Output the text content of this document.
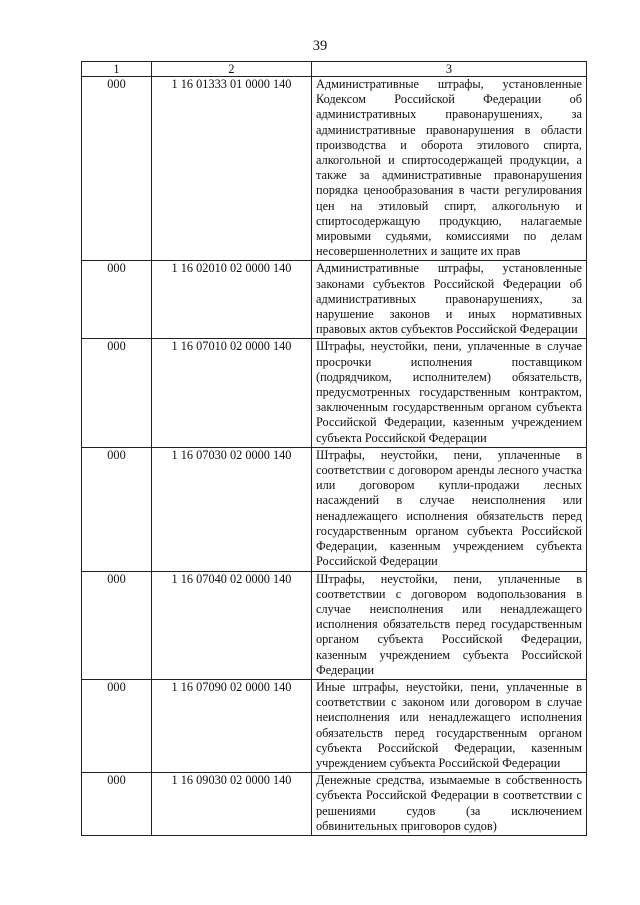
39
1	2	3
000	1 16 01333 01 0000 140	Административные штрафы, установленные Кодексом Российской Федерации об административных правонарушениях, за административные правонарушения в области производства и оборота этилового спирта, алкогольной и спиртосодержащей продукции, а также за административные правонарушения порядка ценообразования в части регулирования цен на этиловый спирт, алкогольную и спиртосодержащую продукцию, налагаемые мировыми судьями, комиссиями по делам несовершеннолетних и защите их прав
000	1 16 02010 02 0000 140	Административные штрафы, установленные законами субъектов Российской Федерации об административных правонарушениях, за нарушение законов и иных нормативных правовых актов субъектов Российской Федерации
000	1 16 07010 02 0000 140	Штрафы, неустойки, пени, уплаченные в случае просрочки исполнения поставщиком (подрядчиком, исполнителем) обязательств, предусмотренных государственным контрактом, заключенным государственным органом субъекта Российской Федерации, казенным учреждением субъекта Российской Федерации
000	1 16 07030 02 0000 140	Штрафы, неустойки, пени, уплаченные в соответствии с договором аренды лесного участка или договором купли-продажи лесных насаждений в случае неисполнения или ненадлежащего исполнения обязательств перед государственным органом субъекта Российской Федерации, казенным учреждением субъекта Российской Федерации
000	1 16 07040 02 0000 140	Штрафы, неустойки, пени, уплаченные в соответствии с договором водопользования в случае неисполнения или ненадлежащего исполнения обязательств перед государственным органом субъекта Российской Федерации, казенным учреждением субъекта Российской Федерации
000	1 16 07090 02 0000 140	Иные штрафы, неустойки, пени, уплаченные в соответствии с законом или договором в случае неисполнения или ненадлежащего исполнения обязательств перед государственным органом субъекта Российской Федерации, казенным учреждением субъекта Российской Федерации
000	1 16 09030 02 0000 140	Денежные средства, изымаемые в собственность субъекта Российской Федерации в соответствии с решениями судов (за исключением обвинительных приговоров судов)
